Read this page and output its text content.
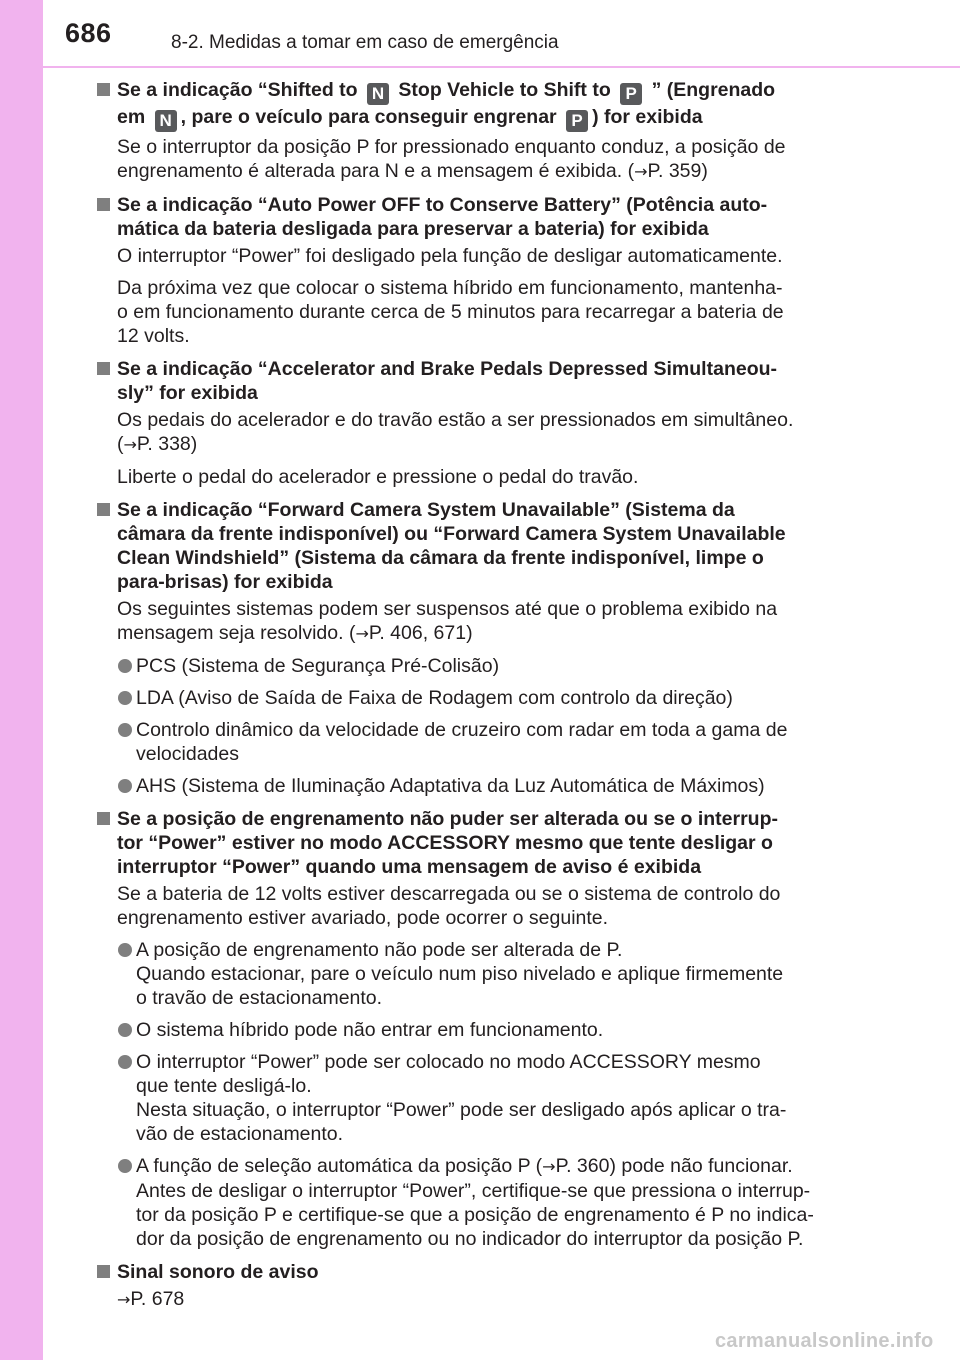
686	8-2. Medidas a tomar em caso de emergência
Se a indicação “Shifted to N Stop Vehicle to Shift to P ” (Engrenado
em N , pare o veículo para conseguir engrenar P ) for exibida
Se o interruptor da posição P for pressionado enquanto conduz, a posição de
engrenamento é alterada para N e a mensagem é exibida. (→P. 359)
Se a indicação “Auto Power OFF to Conserve Battery” (Potência auto-
mática da bateria desligada para preservar a bateria) for exibida
O interruptor “Power” foi desligado pela função de desligar automaticamente.
Da próxima vez que colocar o sistema híbrido em funcionamento, mantenha-
o em funcionamento durante cerca de 5 minutos para recarregar a bateria de
12 volts.
Se a indicação “Accelerator and Brake Pedals Depressed Simultaneou-
sly” for exibida
Os pedais do acelerador e do travão estão a ser pressionados em simultâneo.
(→P. 338)
Liberte o pedal do acelerador e pressione o pedal do travão.
Se a indicação “Forward Camera System Unavailable” (Sistema da
câmara da frente indisponível) ou “Forward Camera System Unavailable
Clean Windshield” (Sistema da câmara da frente indisponível, limpe o
para-brisas) for exibida
Os seguintes sistemas podem ser suspensos até que o problema exibido na
mensagem seja resolvido. (→P. 406, 671)
PCS (Sistema de Segurança Pré-Colisão)
LDA (Aviso de Saída de Faixa de Rodagem com controlo da direção)
Controlo dinâmico da velocidade de cruzeiro com radar em toda a gama de
velocidades
AHS (Sistema de Iluminação Adaptativa da Luz Automática de Máximos)
Se a posição de engrenamento não puder ser alterada ou se o interrup-
tor “Power” estiver no modo ACCESSORY mesmo que tente desligar o
interruptor “Power” quando uma mensagem de aviso é exibida
Se a bateria de 12 volts estiver descarregada ou se o sistema de controlo do
engrenamento estiver avariado, pode ocorrer o seguinte.
A posição de engrenamento não pode ser alterada de P.
Quando estacionar, pare o veículo num piso nivelado e aplique firmemente
o travão de estacionamento.
O sistema híbrido pode não entrar em funcionamento.
O interruptor “Power” pode ser colocado no modo ACCESSORY mesmo
que tente desligá-lo.
Nesta situação, o interruptor “Power” pode ser desligado após aplicar o tra-
vão de estacionamento.
A função de seleção automática da posição P (→P. 360) pode não funcionar.
Antes de desligar o interruptor “Power”, certifique-se que pressiona o interrup-
tor da posição P e certifique-se que a posição de engrenamento é P no indica-
dor da posição de engrenamento ou no indicador do interruptor da posição P.
Sinal sonoro de aviso
→P. 678
carmanualsonline.info
